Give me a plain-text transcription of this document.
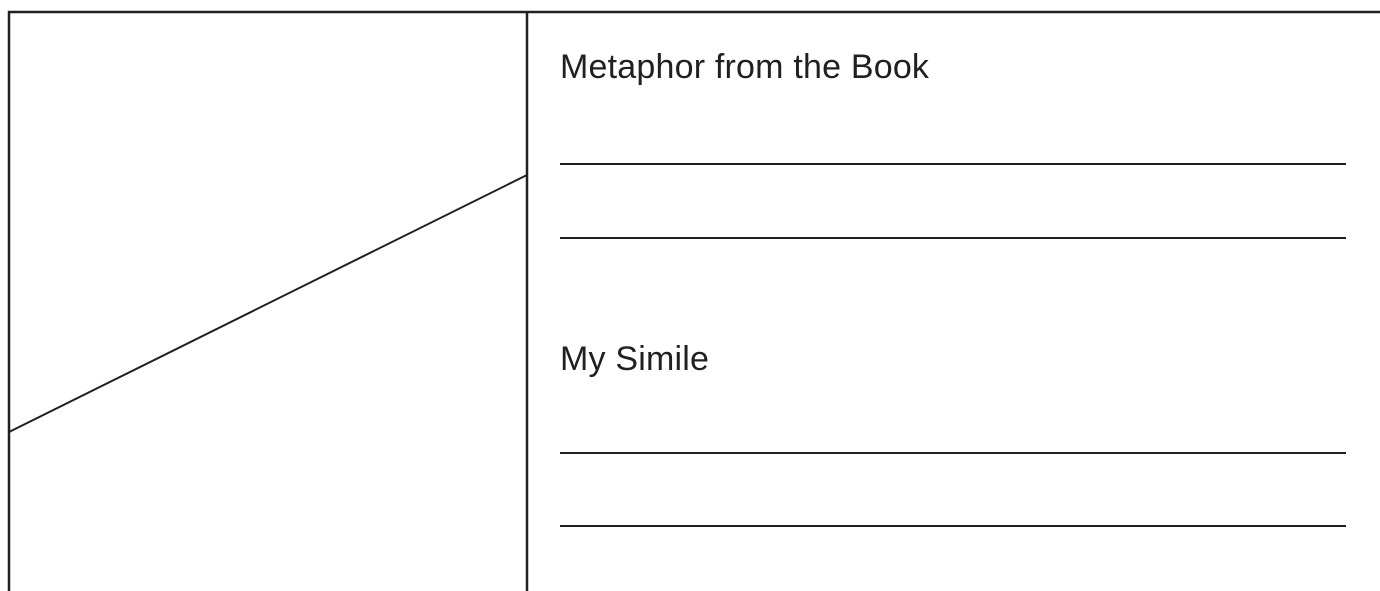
Metaphor from the Book
My Simile
